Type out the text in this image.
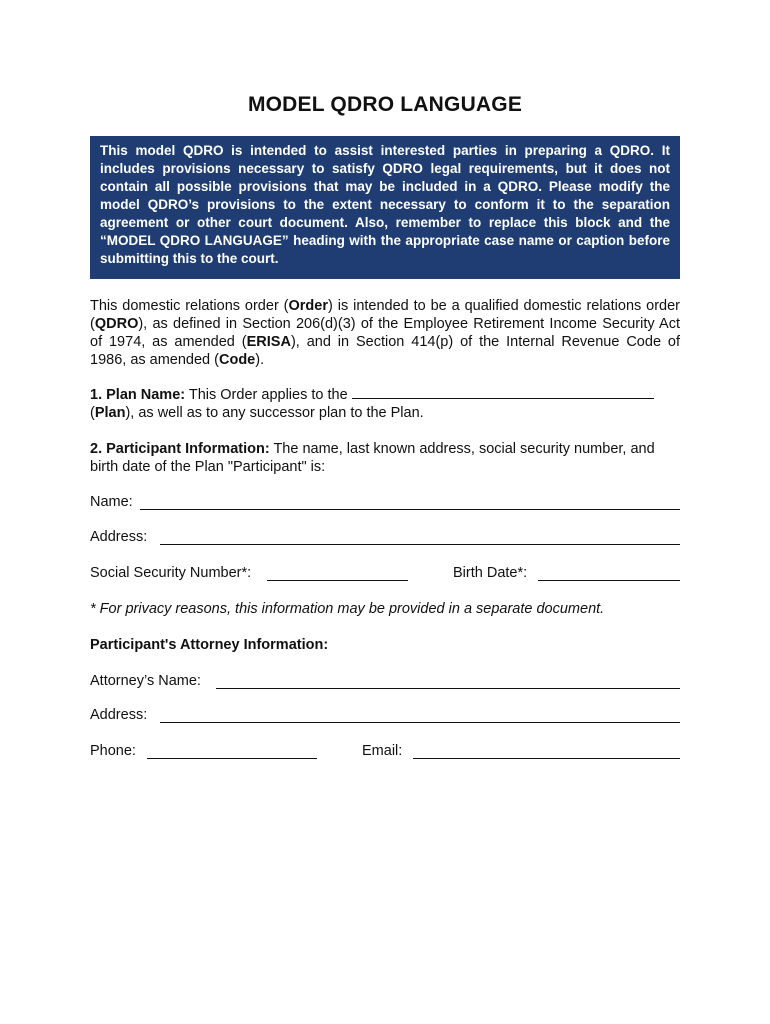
MODEL QDRO LANGUAGE
This model QDRO is intended to assist interested parties in preparing a QDRO. It includes provisions necessary to satisfy QDRO legal requirements, but it does not contain all possible provisions that may be included in a QDRO. Please modify the model QDRO’s provisions to the extent necessary to conform it to the separation agreement or other court document. Also, remember to replace this block and the “MODEL QDRO LANGUAGE” heading with the appropriate case name or caption before submitting this to the court.
This domestic relations order (Order) is intended to be a qualified domestic relations order (QDRO), as defined in Section 206(d)(3) of the Employee Retirement Income Security Act of 1974, as amended (ERISA), and in Section 414(p) of the Internal Revenue Code of 1986, as amended (Code).
1. Plan Name: This Order applies to the
(Plan), as well as to any successor plan to the Plan.
2. Participant Information: The name, last known address, social security number, and birth date of the Plan "Participant" is:
Name:
Address:
Social Security Number*:	Birth Date*:
* For privacy reasons, this information may be provided in a separate document.
Participant's Attorney Information:
Attorney’s Name:
Address:
Phone:	Email:
